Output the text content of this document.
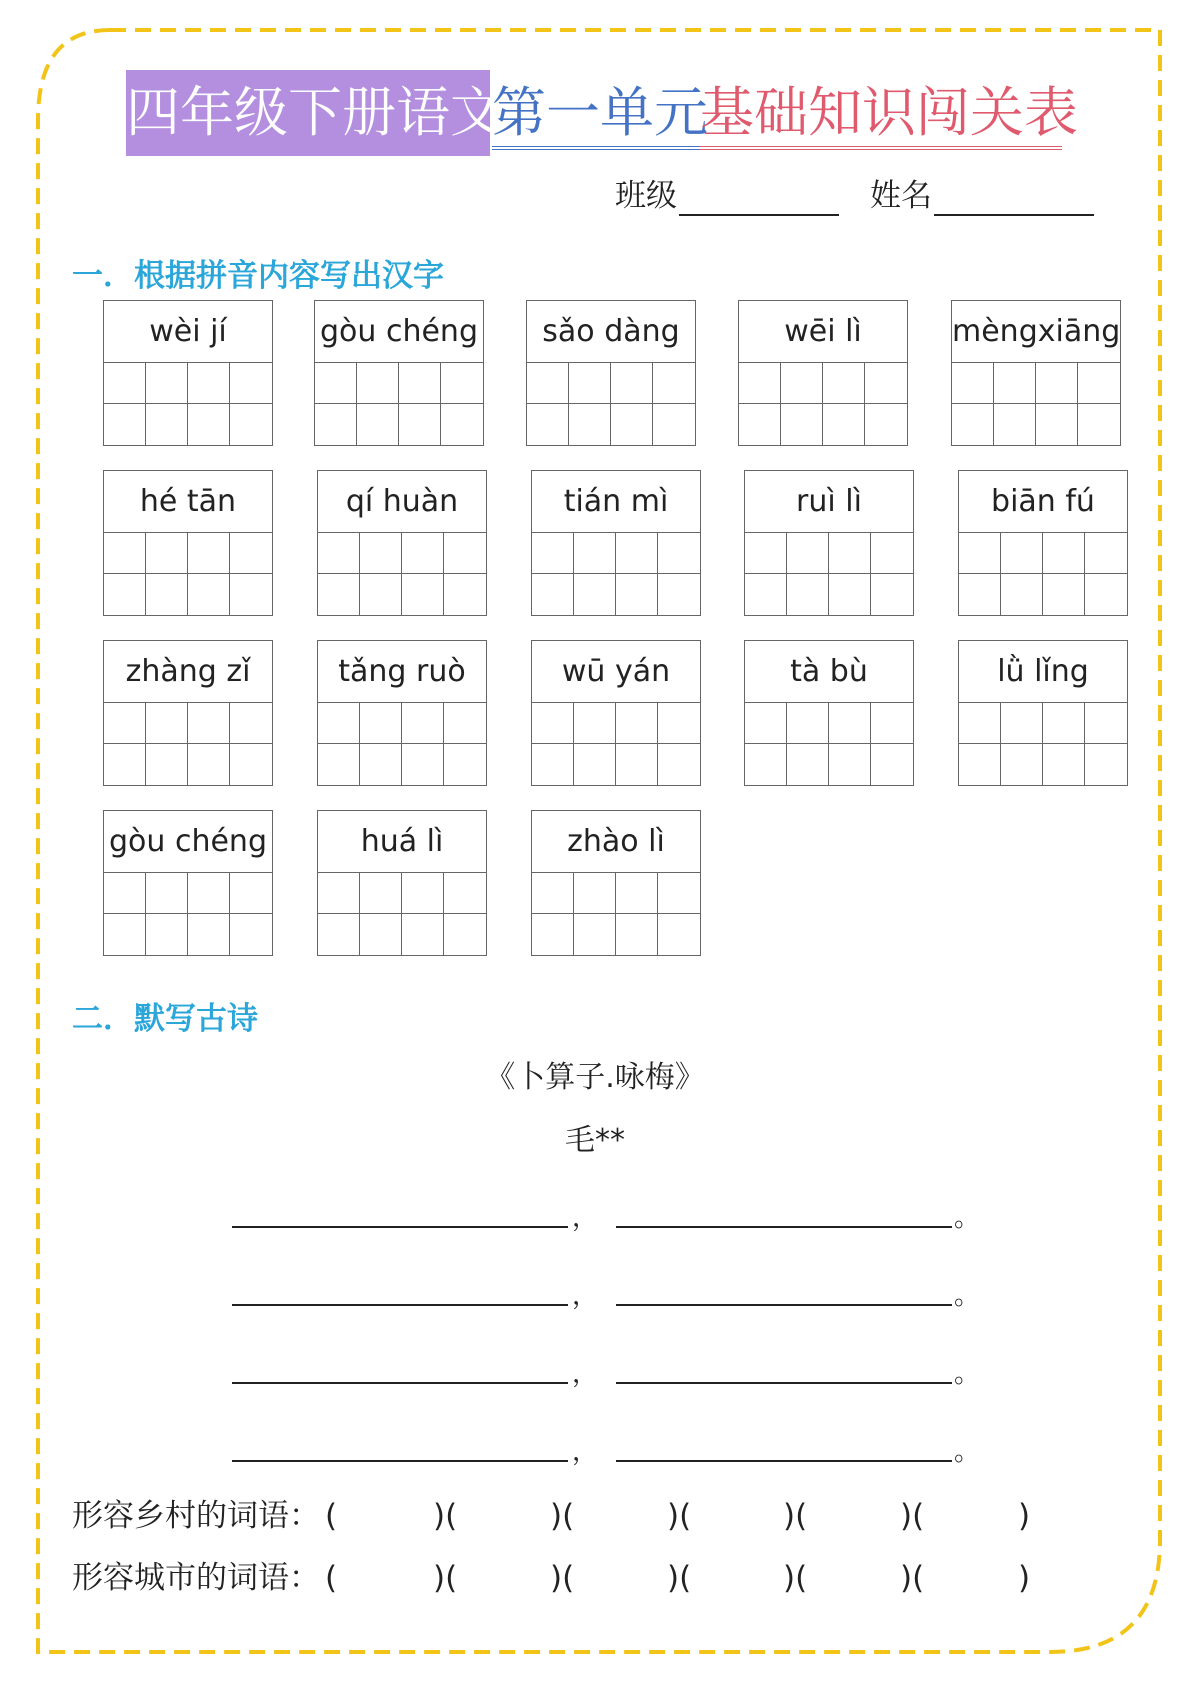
四年级下册语文
第一单元
基础知识闯关表
班级	姓名
一．根据拼音内容写出汉字
wèi jí	gòu chéng	sǎo dàng	wēi lì	mèngxiāng
hé tān	qí huàn	tián mì	ruì lì	biān fú
zhàng zǐ	tǎng ruò	wū yán	tà bù	lǜ lǐng
gòu chéng	huá lì	zhào lì
二．默写古诗
《卜算子.咏梅》
毛**
，	。
，	。
，	。
，	。
形容乡村的词语： (	)(	)(	)(	)(	)(	)
形容城市的词语： (	)(	)(	)(	)(	)(	)
